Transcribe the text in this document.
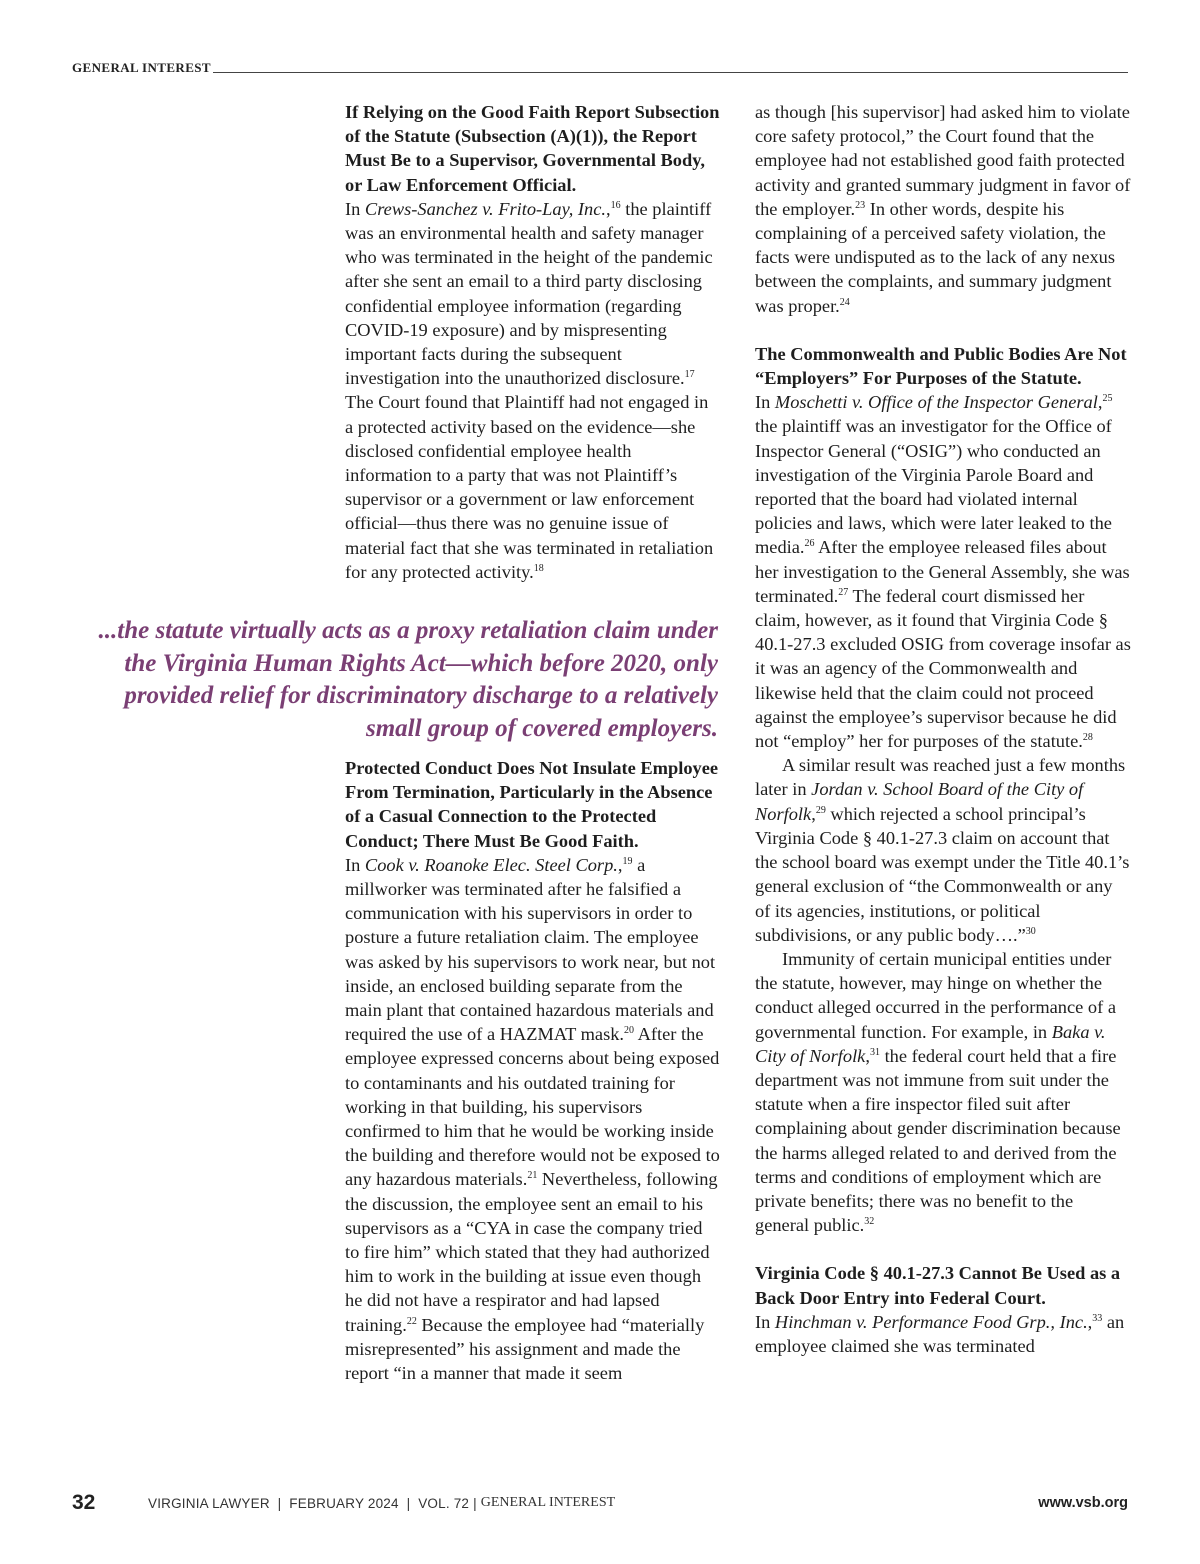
GENERAL INTEREST
If Relying on the Good Faith Report Subsection of the Statute (Subsection (A)(1)), the Report Must Be to a Supervisor, Governmental Body, or Law Enforcement Official.

In Crews-Sanchez v. Frito-Lay, Inc.,$^{16}$ the plaintiff was an environmental health and safety manager who was terminated in the height of the pandemic after she sent an email to a third party disclosing confidential employee information (regarding COVID-19 exposure) and by mispresenting important facts during the subsequent investigation into the unauthorized disclosure.$^{17}$ The Court found that Plaintiff had not engaged in a protected activity based on the evidence—she disclosed confidential employee health information to a party that was not Plaintiff’s supervisor or a government or law enforcement official—thus there was no genuine issue of material fact that she was terminated in retaliation for any protected activity.$^{18}$

...the statute virtually acts as a proxy retaliation claim under the Virginia Human Rights Act—which before 2020, only provided relief for discriminatory discharge to a relatively small group of covered employers.

Protected Conduct Does Not Insulate Employee From Termination, Particularly in the Absence of a Casual Connection to the Protected Conduct; There Must Be Good Faith.

In Cook v. Roanoke Elec. Steel Corp.,$^{19}$ a millworker was terminated after he falsified a communication with his supervisors in order to posture a future retaliation claim. The employee was asked by his supervisors to work near, but not inside, an enclosed building separate from the main plant that contained hazardous materials and required the use of a HAZMAT mask.$^{20}$ After the employee expressed concerns about being exposed to contaminants and his outdated training for working in that building, his supervisors confirmed to him that he would be working inside the building and therefore would not be exposed to any hazardous materials.$^{21}$ Nevertheless, following the discussion, the employee sent an email to his supervisors as a “CYA in case the company tried to fire him” which stated that they had authorized him to work in the building at issue even though he did not have a respirator and had lapsed training.$^{22}$ Because the employee had “materially misrepresented” his assignment and made the report “in a manner that made it seem

as though [his supervisor] had asked him to violate core safety protocol,” the Court found that the employee had not established good faith protected activity and granted summary judgment in favor of the employer.$^{23}$ In other words, despite his complaining of a perceived safety violation, the facts were undisputed as to the lack of any nexus between the complaints, and summary judgment was proper.$^{24}$

The Commonwealth and Public Bodies Are Not “Employers” For Purposes of the Statute.

In Moschetti v. Office of the Inspector General,$^{25}$ the plaintiff was an investigator for the Office of Inspector General (“OSIG”) who conducted an investigation of the Virginia Parole Board and reported that the board had violated internal policies and laws, which were later leaked to the media.$^{26}$ After the employee released files about her investigation to the General Assembly, she was terminated.$^{27}$ The federal court dismissed her claim, however, as it found that Virginia Code § 40.1-27.3 excluded OSIG from coverage insofar as it was an agency of the Commonwealth and likewise held that the claim could not proceed against the employee’s supervisor because he did not “employ” her for purposes of the statute.$^{28}$

A similar result was reached just a few months later in Jordan v. School Board of the City of Norfolk,$^{29}$ which rejected a school principal’s Virginia Code § 40.1-27.3 claim on account that the school board was exempt under the Title 40.1’s general exclusion of “the Commonwealth or any of its agencies, institutions, or political subdivisions, or any public body….”$^{30}$

Immunity of certain municipal entities under the statute, however, may hinge on whether the conduct alleged occurred in the performance of a governmental function. For example, in Baka v. City of Norfolk,$^{31}$ the federal court held that a fire department was not immune from suit under the statute when a fire inspector filed suit after complaining about gender discrimination because the harms alleged related to and derived from the terms and conditions of employment which are private benefits; there was no benefit to the general public.$^{32}$

Virginia Code § 40.1-27.3 Cannot Be Used as a Back Door Entry into Federal Court.

In Hinchman v. Performance Food Grp., Inc.,$^{33}$ an employee claimed she was terminated

32	VIRGINIA LAWYER  |  FEBRUARY 2024  |  VOL. 72 | GENERAL INTEREST	www.vsb.org
